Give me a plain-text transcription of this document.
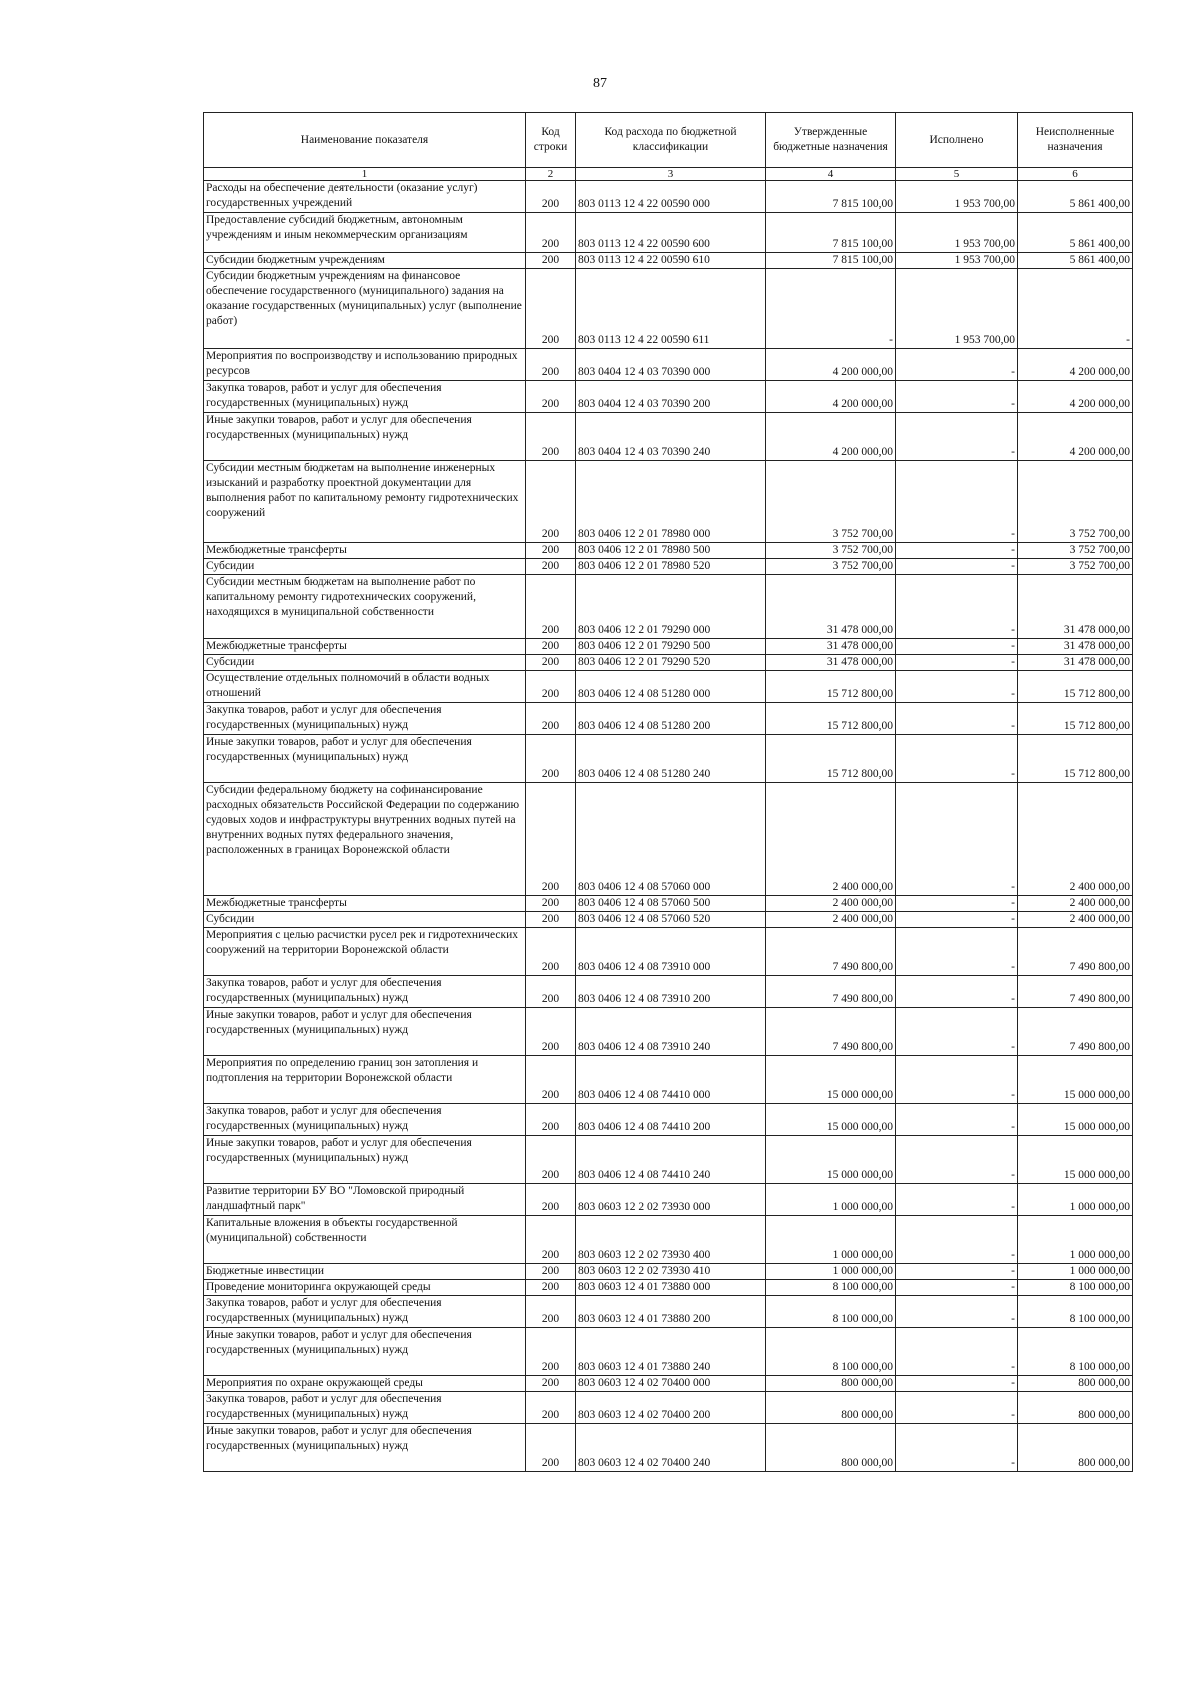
87
Наименование показателя	Код строки	Код расхода по бюджетной классификации	Утвержденные бюджетные назначения	Исполнено	Неисполненные назначения
1	2	3	4	5	6
Расходы на обеспечение деятельности (оказание услуг) государственных учреждений	200	803 0113 12 4 22 00590 000	7 815 100,00	1 953 700,00	5 861 400,00
Предоставление субсидий бюджетным, автономным учреждениям и иным некоммерческим организациям	200	803 0113 12 4 22 00590 600	7 815 100,00	1 953 700,00	5 861 400,00
Субсидии бюджетным учреждениям	200	803 0113 12 4 22 00590 610	7 815 100,00	1 953 700,00	5 861 400,00
Субсидии бюджетным учреждениям на финансовое обеспечение государственного (муниципального) задания на оказание государственных (муниципальных) услуг (выполнение работ)	200	803 0113 12 4 22 00590 611	-	1 953 700,00	-
Мероприятия по воспроизводству и использованию природных ресурсов	200	803 0404 12 4 03 70390 000	4 200 000,00	-	4 200 000,00
Закупка товаров, работ и услуг для обеспечения государственных (муниципальных) нужд	200	803 0404 12 4 03 70390 200	4 200 000,00	-	4 200 000,00
Иные закупки товаров, работ и услуг для обеспечения государственных (муниципальных) нужд	200	803 0404 12 4 03 70390 240	4 200 000,00	-	4 200 000,00
Субсидии местным бюджетам на выполнение инженерных изысканий и разработку проектной документации для выполнения работ по капитальному ремонту гидротехнических сооружений	200	803 0406 12 2 01 78980 000	3 752 700,00	-	3 752 700,00
Межбюджетные трансферты	200	803 0406 12 2 01 78980 500	3 752 700,00	-	3 752 700,00
Субсидии	200	803 0406 12 2 01 78980 520	3 752 700,00	-	3 752 700,00
Субсидии местным бюджетам на выполнение работ по капитальному ремонту гидротехнических сооружений, находящихся в муниципальной собственности	200	803 0406 12 2 01 79290 000	31 478 000,00	-	31 478 000,00
Межбюджетные трансферты	200	803 0406 12 2 01 79290 500	31 478 000,00	-	31 478 000,00
Субсидии	200	803 0406 12 2 01 79290 520	31 478 000,00	-	31 478 000,00
Осуществление отдельных полномочий в области водных отношений	200	803 0406 12 4 08 51280 000	15 712 800,00	-	15 712 800,00
Закупка товаров, работ и услуг для обеспечения государственных (муниципальных) нужд	200	803 0406 12 4 08 51280 200	15 712 800,00	-	15 712 800,00
Иные закупки товаров, работ и услуг для обеспечения государственных (муниципальных) нужд	200	803 0406 12 4 08 51280 240	15 712 800,00	-	15 712 800,00
Субсидии федеральному бюджету на софинансирование расходных обязательств Российской Федерации по содержанию судовых ходов и инфраструктуры внутренних водных путей на внутренних водных путях федерального значения, расположенных в границах Воронежской области	200	803 0406 12 4 08 57060 000	2 400 000,00	-	2 400 000,00
Межбюджетные трансферты	200	803 0406 12 4 08 57060 500	2 400 000,00	-	2 400 000,00
Субсидии	200	803 0406 12 4 08 57060 520	2 400 000,00	-	2 400 000,00
Мероприятия с целью расчистки русел рек и гидротехнических сооружений на территории Воронежской области	200	803 0406 12 4 08 73910 000	7 490 800,00	-	7 490 800,00
Закупка товаров, работ и услуг для обеспечения государственных (муниципальных) нужд	200	803 0406 12 4 08 73910 200	7 490 800,00	-	7 490 800,00
Иные закупки товаров, работ и услуг для обеспечения государственных (муниципальных) нужд	200	803 0406 12 4 08 73910 240	7 490 800,00	-	7 490 800,00
Мероприятия по определению границ зон затопления и подтопления на территории Воронежской области	200	803 0406 12 4 08 74410 000	15 000 000,00	-	15 000 000,00
Закупка товаров, работ и услуг для обеспечения государственных (муниципальных) нужд	200	803 0406 12 4 08 74410 200	15 000 000,00	-	15 000 000,00
Иные закупки товаров, работ и услуг для обеспечения государственных (муниципальных) нужд	200	803 0406 12 4 08 74410 240	15 000 000,00	-	15 000 000,00
Развитие территории БУ ВО "Ломовской природный ландшафтный парк"	200	803 0603 12 2 02 73930 000	1 000 000,00	-	1 000 000,00
Капитальные вложения в объекты государственной (муниципальной) собственности	200	803 0603 12 2 02 73930 400	1 000 000,00	-	1 000 000,00
Бюджетные инвестиции	200	803 0603 12 2 02 73930 410	1 000 000,00	-	1 000 000,00
Проведение мониторинга окружающей среды	200	803 0603 12 4 01 73880 000	8 100 000,00	-	8 100 000,00
Закупка товаров, работ и услуг для обеспечения государственных (муниципальных) нужд	200	803 0603 12 4 01 73880 200	8 100 000,00	-	8 100 000,00
Иные закупки товаров, работ и услуг для обеспечения государственных (муниципальных) нужд	200	803 0603 12 4 01 73880 240	8 100 000,00	-	8 100 000,00
Мероприятия по охране окружающей среды	200	803 0603 12 4 02 70400 000	800 000,00	-	800 000,00
Закупка товаров, работ и услуг для обеспечения государственных (муниципальных) нужд	200	803 0603 12 4 02 70400 200	800 000,00	-	800 000,00
Иные закупки товаров, работ и услуг для обеспечения государственных (муниципальных) нужд	200	803 0603 12 4 02 70400 240	800 000,00	-	800 000,00
